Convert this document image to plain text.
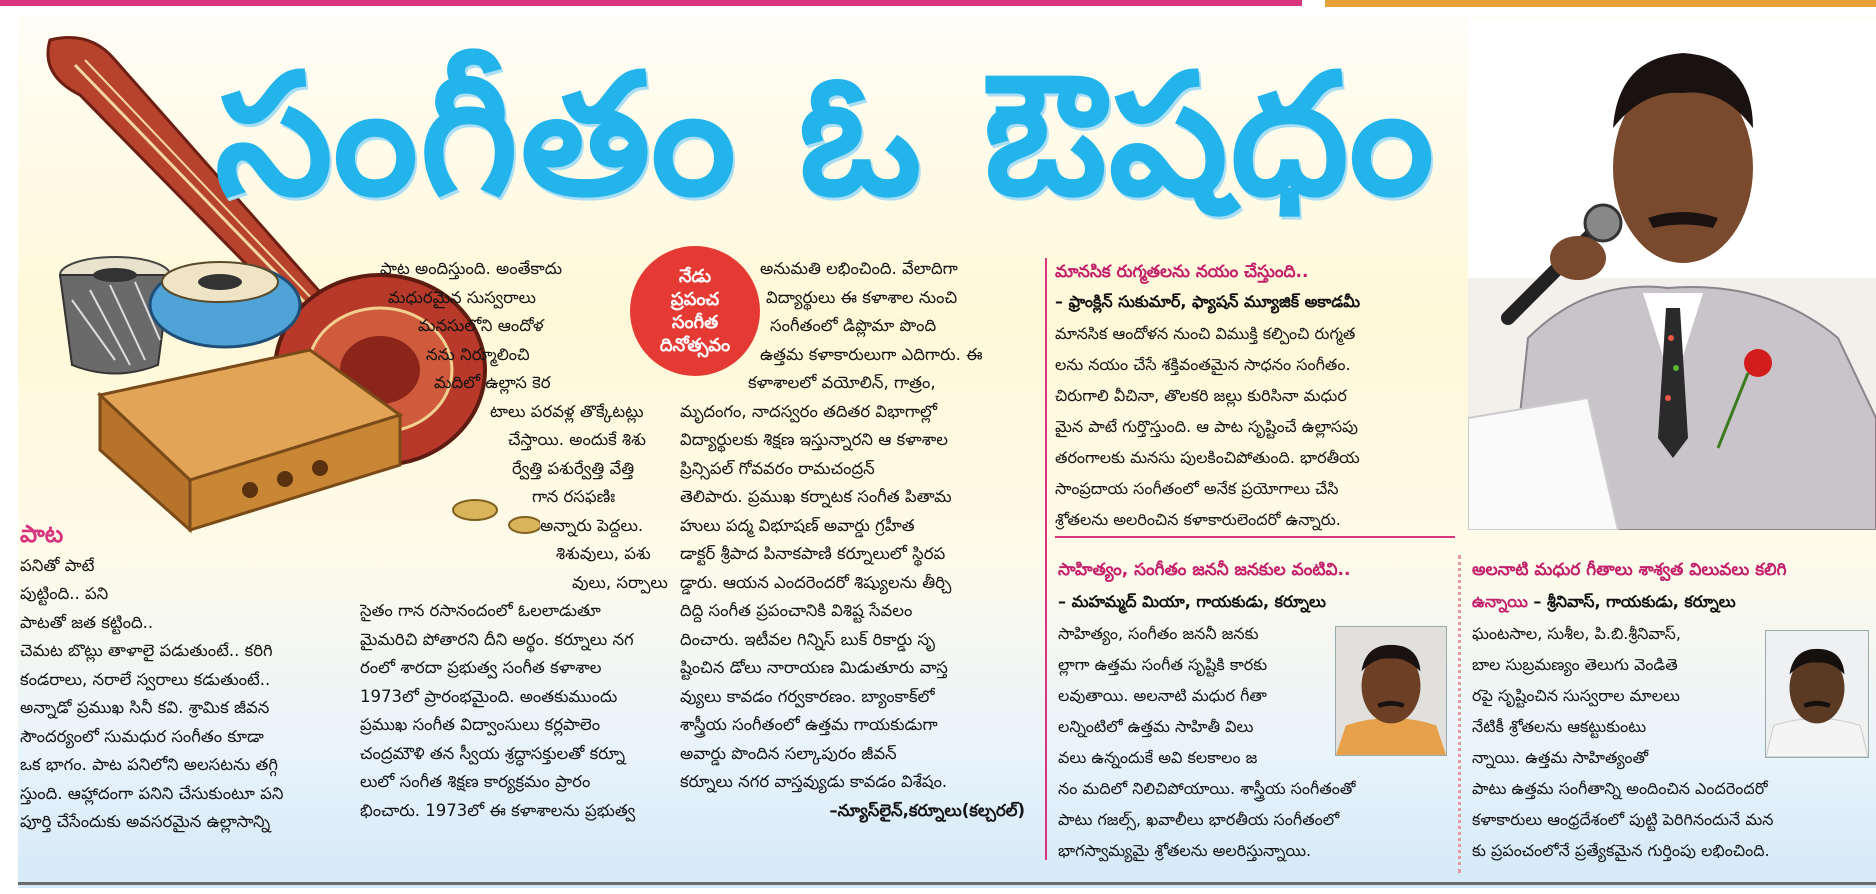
సంగీతం ఓ ఔషధం
నేడు
ప్రపంచ
సంగీత
దినోత్సవం

పాట

పనితో పాటే

పుట్టింది.. పని

పాటతో జత కట్టింది..

చెమట బొట్లు తాళాలై పడుతుంటే.. కరిగి

కండరాలు, నరాలే స్వరాలు కడుతుంటే..

అన్నాడో ప్రముఖ సినీ కవి. శ్రామిక జీవన

సౌందర్యంలో సుమధుర సంగీతం కూడా

ఒక భాగం. పాట పనిలోని అలసటను తగ్గి

స్తుంది. ఆహ్లాదంగా పనిని చేసుకుంటూ పని

పూర్తి చేసేందుకు అవసరమైన ఉల్లాసాన్ని

పాట అందిస్తుంది. అంతేకాదు

మధురమైన సుస్వరాలు

మనసులోని ఆందోళ

నను నిర్మూలించి

మదిలో ఉల్లాస కెర

టాలు పరవళ్ల తొక్కేటట్లు

చేస్తాయి. అందుకే శిశు

ర్వేత్తి పశుర్వేత్తి వేత్తి

గాన రసఫణిః

అన్నారు పెద్దలు.

శిశువులు, పశు

వులు, సర్పాలు

సైతం గాన రసానందంలో ఓలలాడుతూ

మైమరిచి పోతారని దీని అర్థం. కర్నూలు నగ

రంలో శారదా ప్రభుత్వ సంగీత కళాశాల

1973లో ప్రారంభమైంది. అంతకుముందు

ప్రముఖ సంగీత విద్వాంసులు కర్లపాలెం

చంద్రమౌళి తన స్వీయ శ్రద్ధాసక్తులతో కర్నూ

లులో సంగీత శిక్షణ కార్యక్రమం ప్రారం

భించారు. 1973లో ఈ కళాశాలను ప్రభుత్వ

అనుమతి లభించింది. వేలాదిగా

విద్యార్థులు ఈ కళాశాల నుంచి

సంగీతంలో డిప్లొమా పొంది

ఉత్తమ కళాకారులుగా ఎదిగారు. ఈ

కళాశాలలో వయోలిన్, గాత్రం,

మృదంగం, నాదస్వరం తదితర విభాగాల్లో

విద్యార్థులకు శిక్షణ ఇస్తున్నారని ఆ కళాశాల

ప్రిన్సిపల్ గోవవరం రామచంద్రన్

తెలిపారు. ప్రముఖ కర్నాటక సంగీత పితామ

హులు పద్మ విభూషణ్ అవార్డు గ్రహీత

డాక్టర్ శ్రీపాద పినాకపాణి కర్నూలులో స్థిరప

డ్డారు. ఆయన ఎందరెందరో శిష్యులను తీర్చి

దిద్ది సంగీత ప్రపంచానికి విశిష్ట సేవలం

దించారు. ఇటీవల గిన్నిస్ బుక్ రికార్డు సృ

ష్టించిన డోలు నారాయణ మిడుతూరు వాస్త

వ్యులు కావడం గర్వకారణం. బ్యాంకాక్‌లో

శాస్త్రీయ సంగీతంలో ఉత్తమ గాయకుడుగా

అవార్డు పొందిన సల్కాపురం జీవన్

కర్నూలు నగర వాస్తవ్యుడు కావడం విశేషం.

–న్యూస్‌లైన్,కర్నూలు(కల్చరల్)

మానసిక రుగ్మతలను నయం చేస్తుంది..
– ఫ్రాంక్లిన్ సుకుమార్, ఫ్యాషన్ మ్యూజిక్ అకాడమీ

మానసిక ఆందోళన నుంచి విముక్తి కల్పించి రుగ్మత

లను నయం చేసే శక్తివంతమైన సాధనం సంగీతం.

చిరుగాలి వీచినా, తొలకరి జల్లు కురిసినా మధుర

మైన పాటే గుర్తొస్తుంది. ఆ పాట సృష్టించే ఉల్లాసపు

తరంగాలకు మనసు పులకించిపోతుంది. భారతీయ

సాంప్రదాయ సంగీతంలో అనేక ప్రయోగాలు చేసి

శ్రోతలను అలరించిన కళాకారులెందరో ఉన్నారు.

సాహిత్యం, సంగీతం జననీ జనకుల వంటివి..
– మహమ్మద్ మియా, గాయకుడు, కర్నూలు

సాహిత్యం, సంగీతం జననీ జనకు

ల్లాగా ఉత్తమ సంగీత సృష్టికి కారకు

లవుతాయి. అలనాటి మధుర గీతా

లన్నింటిలో ఉత్తమ సాహితీ విలు

వలు ఉన్నందుకే అవి కలకాలం జ

నం మదిలో నిలిచిపోయాయి. శాస్త్రీయ సంగీతంతో

పాటు గజల్స్, ఖవాలీలు భారతీయ సంగీతంలో

భాగస్వామ్యమై శ్రోతలను అలరిస్తున్నాయి.

అలనాటి మధుర గీతాలు శాశ్వత విలువలు కలిగి
ఉన్నాయి – శ్రీనివాస్, గాయకుడు, కర్నూలు

ఘంటసాల, సుశీల, పి.బి.శ్రీనివాస్,

బాల సుబ్రమణ్యం తెలుగు వెండితె

రపై సృష్టించిన సుస్వరాల మాలలు

నేటికీ శ్రోతలను ఆకట్టుకుంటు

న్నాయి. ఉత్తమ సాహిత్యంతో

పాటు ఉత్తమ సంగీతాన్ని అందించిన ఎందరెందరో

కళాకారులు ఆంధ్రదేశంలో పుట్టి పెరిగినందునే మన

కు ప్రపంచంలోనే ప్రత్యేకమైన గుర్తింపు లభించింది.
